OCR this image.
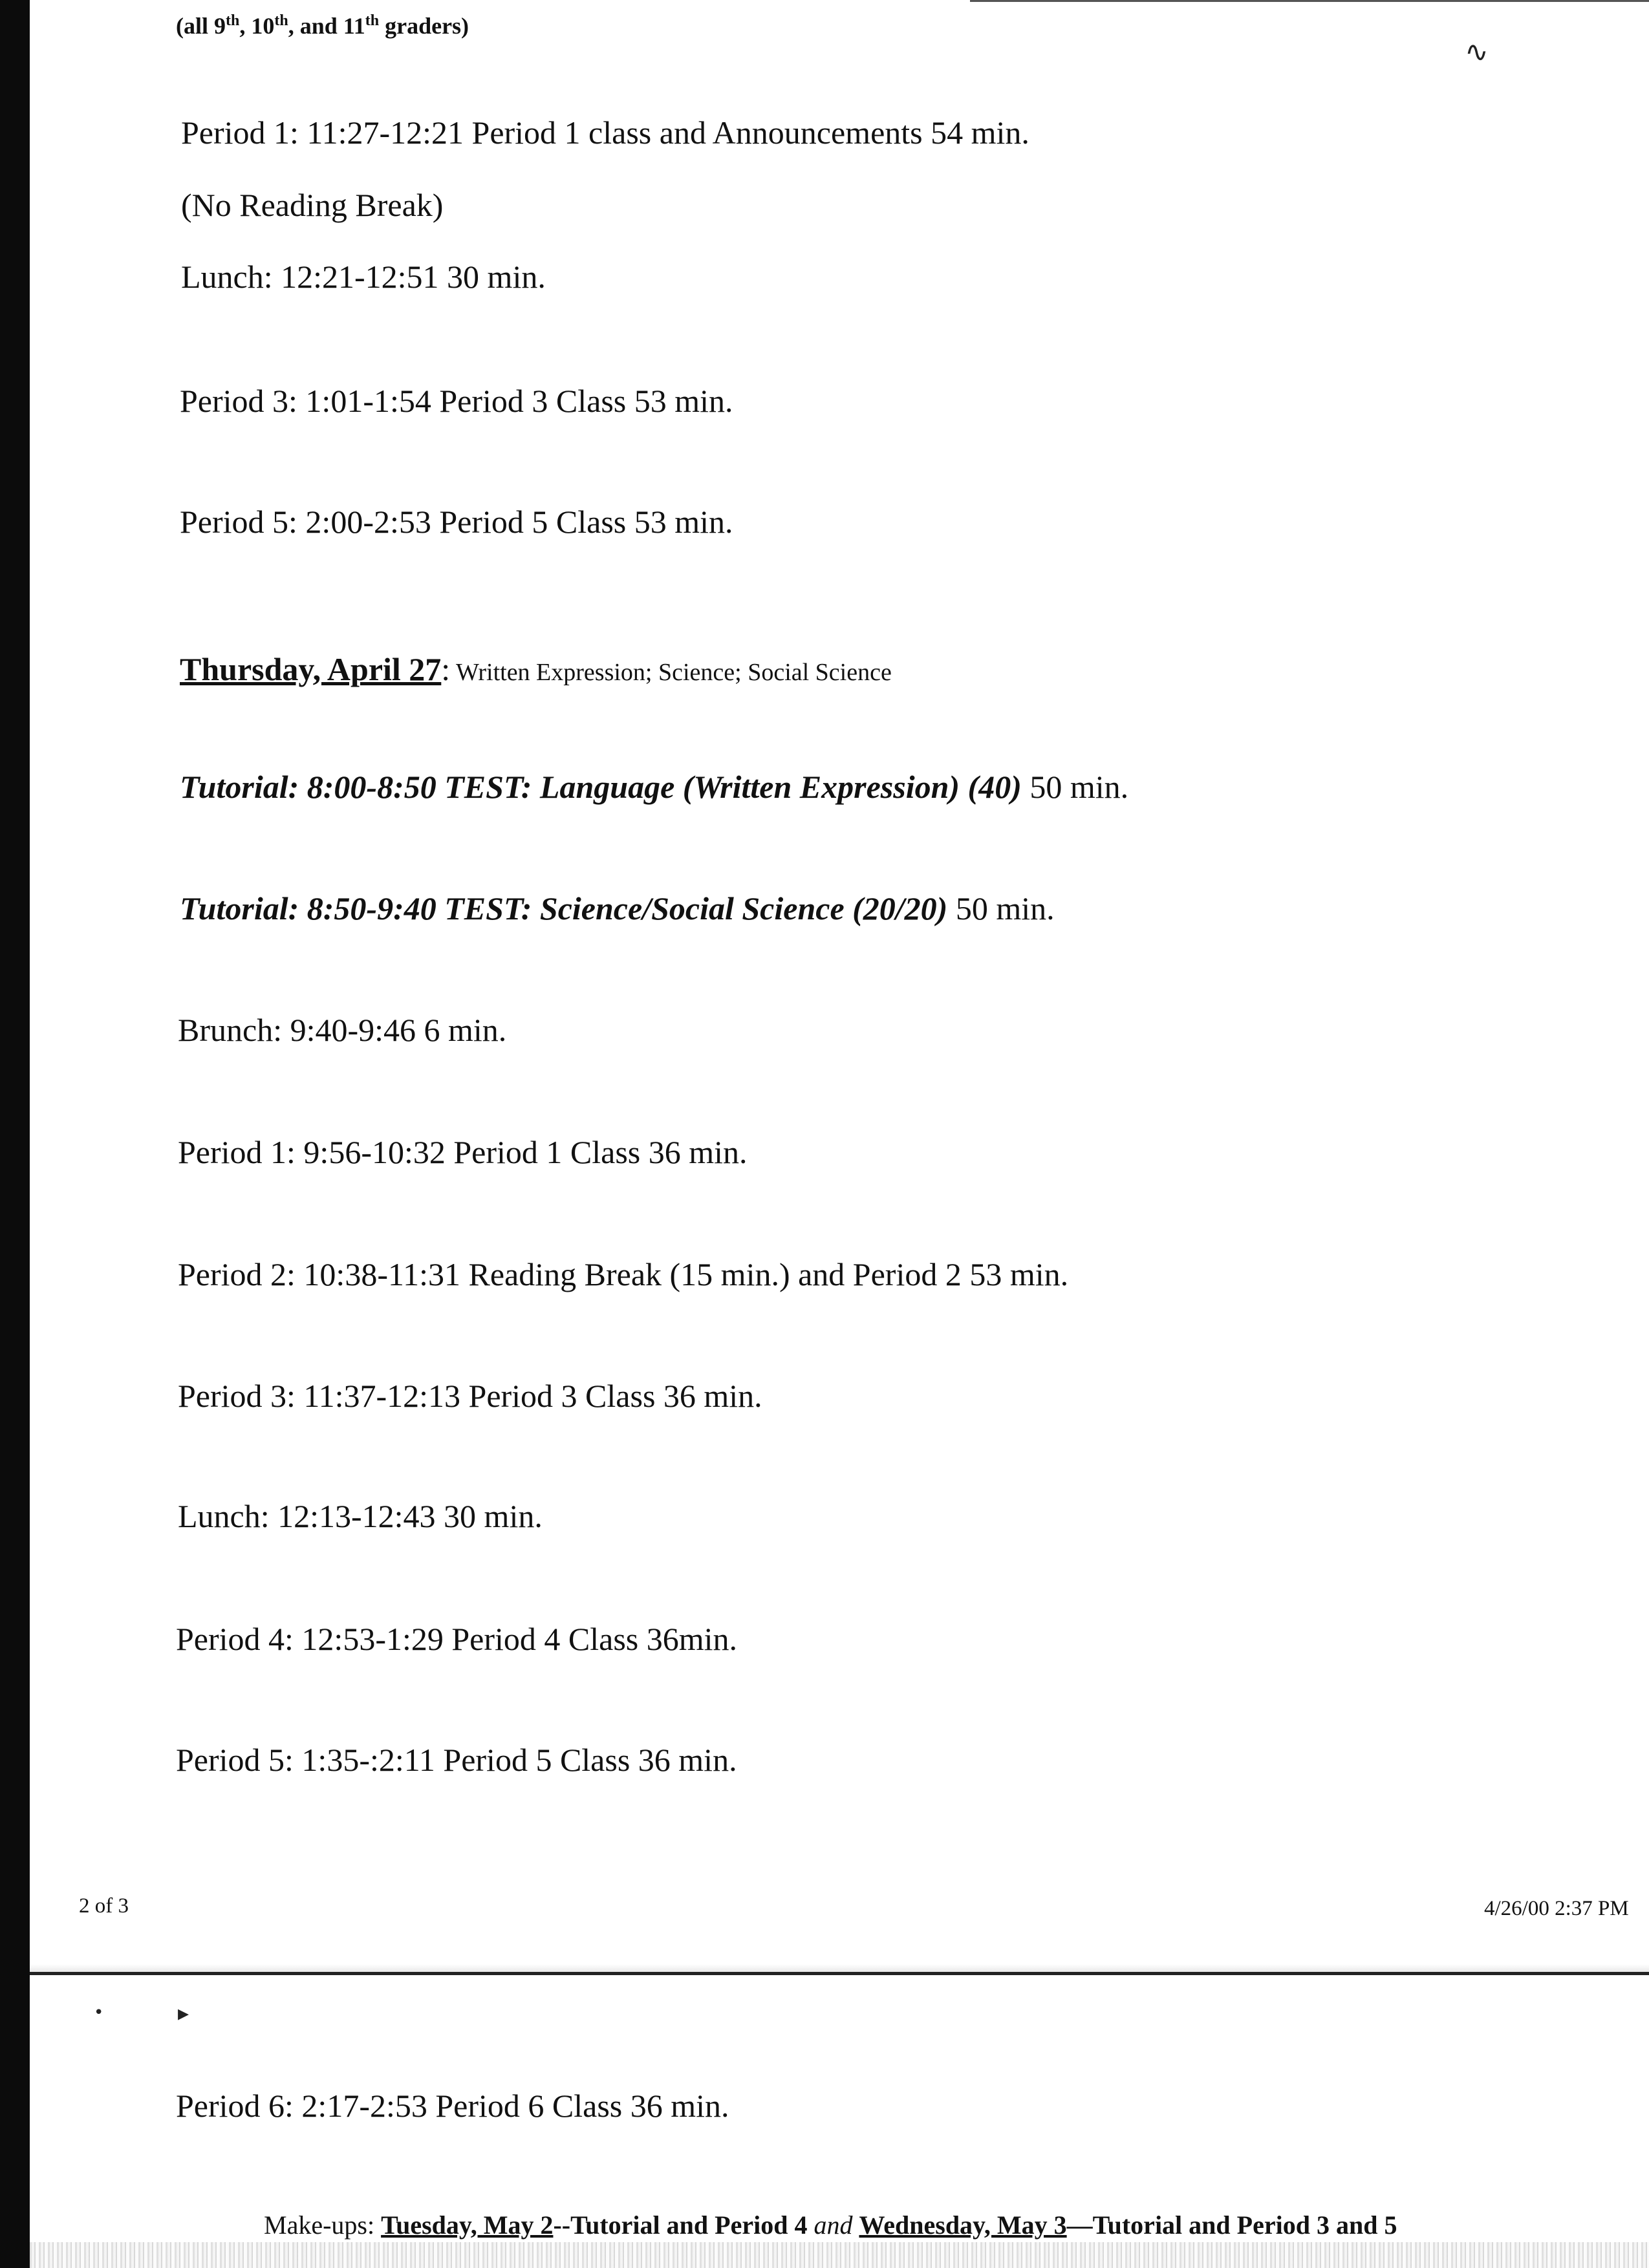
(all 9th, 10th, and 11th graders)
Period 1: 11:27-12:21 Period 1 class and Announcements 54 min.
(No Reading Break)
Lunch: 12:21-12:51 30 min.
Period 3: 1:01-1:54 Period 3 Class 53 min.
Period 5: 2:00-2:53 Period 5 Class 53 min.
Thursday, April 27: Written Expression; Science; Social Science
Tutorial: 8:00-8:50 TEST: Language (Written Expression) (40) 50 min.
Tutorial: 8:50-9:40 TEST: Science/Social Science (20/20) 50 min.
Brunch: 9:40-9:46 6 min.
Period 1: 9:56-10:32 Period 1 Class 36 min.
Period 2: 10:38-11:31 Reading Break (15 min.) and Period 2 53 min.
Period 3: 11:37-12:13 Period 3 Class 36 min.
Lunch: 12:13-12:43 30 min.
Period 4: 12:53-1:29 Period 4 Class 36min.
Period 5: 1:35-:2:11 Period 5 Class 36 min.
2 of 3	4/26/00 2:37 PM
∿
•	▸
Period 6: 2:17-2:53 Period 6 Class 36 min.
Make-ups: Tuesday, May 2--Tutorial and Period 4 and Wednesday, May 3—Tutorial and Period 3 and 5
